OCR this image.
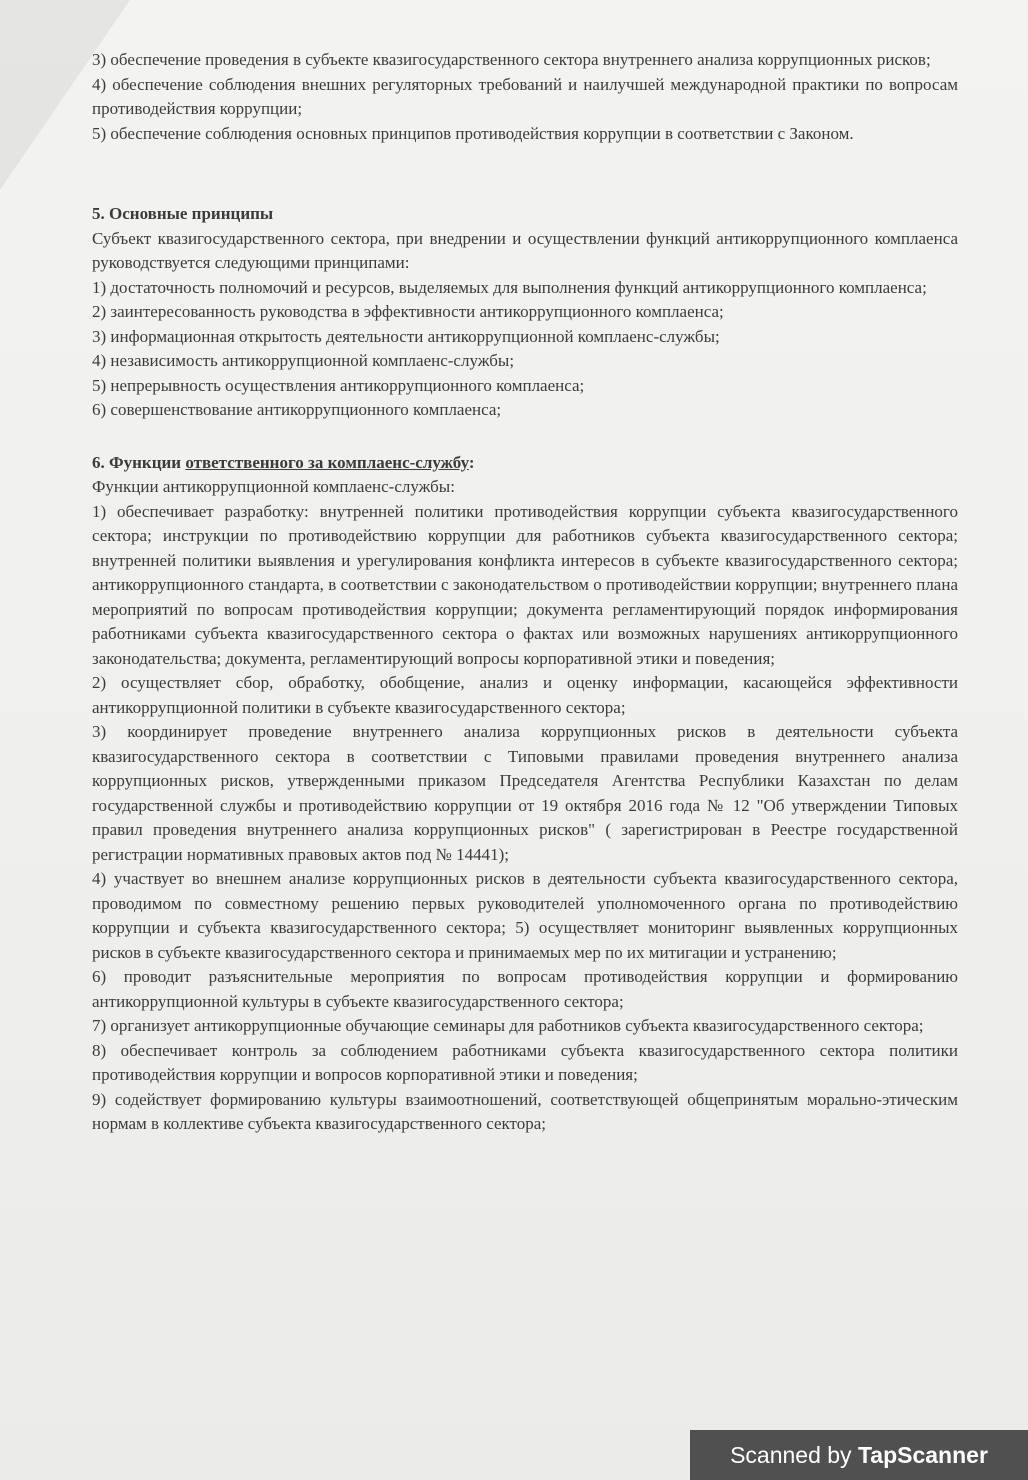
3) обеспечение проведения в субъекте квазигосударственного сектора внутреннего анализа коррупционных рисков;

4) обеспечение соблюдения внешних регуляторных требований и наилучшей международной практики по вопросам противодействия коррупции;

5) обеспечение соблюдения основных принципов противодействия коррупции в соответствии с Законом.

5. Основные принципы

Субъект квазигосударственного сектора, при внедрении и осуществлении функций антикоррупционного комплаенса руководствуется следующими принципами:

1) достаточность полномочий и ресурсов, выделяемых для выполнения функций антикоррупционного комплаенса;

2) заинтересованность руководства в эффективности антикоррупционного комплаенса;

3) информационная открытость деятельности антикоррупционной комплаенс-службы;

4) независимость антикоррупционной комплаенс-службы;

5) непрерывность осуществления антикоррупционного комплаенса;

6) совершенствование антикоррупционного комплаенса;

6. Функции ответственного за комплаенс-службу:

Функции антикоррупционной комплаенс-службы:

1) обеспечивает разработку: внутренней политики противодействия коррупции субъекта квазигосударственного сектора; инструкции по противодействию коррупции для работников субъекта квазигосударственного сектора; внутренней политики выявления и урегулирования конфликта интересов в субъекте квазигосударственного сектора; антикоррупционного стандарта, в соответствии с законодательством о противодействии коррупции; внутреннего плана мероприятий по вопросам противодействия коррупции; документа регламентирующий порядок информирования работниками субъекта квазигосударственного сектора о фактах или возможных нарушениях антикоррупционного законодательства; документа, регламентирующий вопросы корпоративной этики и поведения;

2) осуществляет сбор, обработку, обобщение, анализ и оценку информации, касающейся эффективности антикоррупционной политики в субъекте квазигосударственного сектора;

3) координирует проведение внутреннего анализа коррупционных рисков в деятельности субъекта квазигосударственного сектора в соответствии с Типовыми правилами проведения внутреннего анализа коррупционных рисков, утвержденными приказом Председателя Агентства Республики Казахстан по делам государственной службы и противодействию коррупции от 19 октября 2016 года № 12 "Об утверждении Типовых правил проведения внутреннего анализа коррупционных рисков" ( зарегистрирован в Реестре государственной регистрации нормативных правовых актов под № 14441);

4) участвует во внешнем анализе коррупционных рисков в деятельности субъекта квазигосударственного сектора, проводимом по совместному решению первых руководителей уполномоченного органа по противодействию коррупции и субъекта квазигосударственного сектора; 5) осуществляет мониторинг выявленных коррупционных рисков в субъекте квазигосударственного сектора и принимаемых мер по их митигации и устранению;

6) проводит разъяснительные мероприятия по вопросам противодействия коррупции и формированию антикоррупционной культуры в субъекте квазигосударственного сектора;

7) организует антикоррупционные обучающие семинары для работников субъекта квазигосударственного сектора;

8) обеспечивает контроль за соблюдением работниками субъекта квазигосударственного сектора политики противодействия коррупции и вопросов корпоративной этики и поведения;

9) содействует формированию культуры взаимоотношений, соответствующей общепринятым морально-этическим нормам в коллективе субъекта квазигосударственного сектора;

Scanned by TapScanner
